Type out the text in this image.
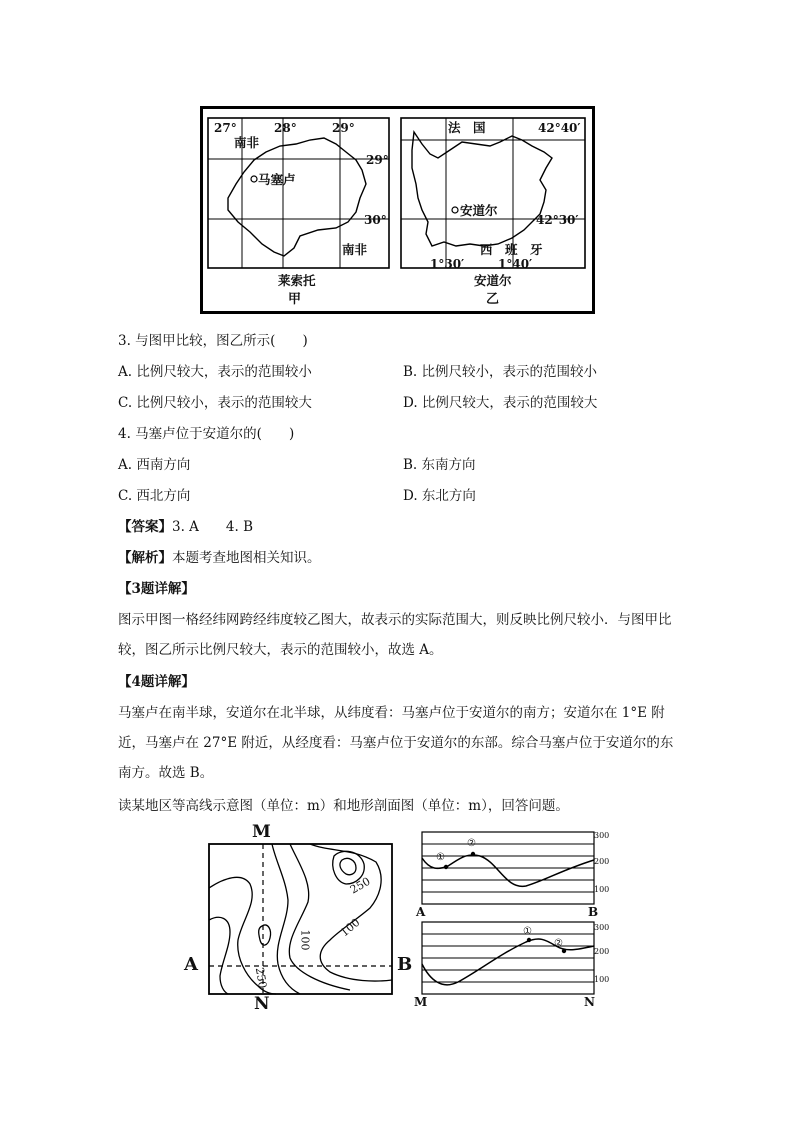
27°	28°	29°
29°
30°
南非
马塞卢
南非
莱索托
甲
法　国	42°40′
42°30′
安道尔
西　班　牙
1°30′	1°40′
安道尔
乙
3. 与图甲比较，图乙所示(　　)
A. 比例尺较大，表示的范围较小	B. 比例尺较小，表示的范围较小
C. 比例尺较小，表示的范围较大	D. 比例尺较大，表示的范围较大
4. 马塞卢位于安道尔的(　　)
A. 西南方向	B. 东南方向
C. 西北方向	D. 东北方向
【答案】3. A　　4. B
【解析】本题考查地图相关知识。
【3题详解】
图示甲图一格经纬网跨经纬度较乙图大，故表示的实际范围大，则反映比例尺较小．与图甲比较，图乙所示比例尺较大，表示的范围较小，故选 A。
【4题详解】
马塞卢在南半球，安道尔在北半球，从纬度看：马塞卢位于安道尔的南方；安道尔在 1°E 附近，马塞卢在 27°E 附近，从经度看：马塞卢位于安道尔的东部。综合马塞卢位于安道尔的东南方。故选 B。
读某地区等高线示意图（单位：m）和地形剖面图（单位：m），回答问题。
M
N
A	B
250
100
100
250
300
200
100
A	B
①
②
300
200
100
M	N
①
②
